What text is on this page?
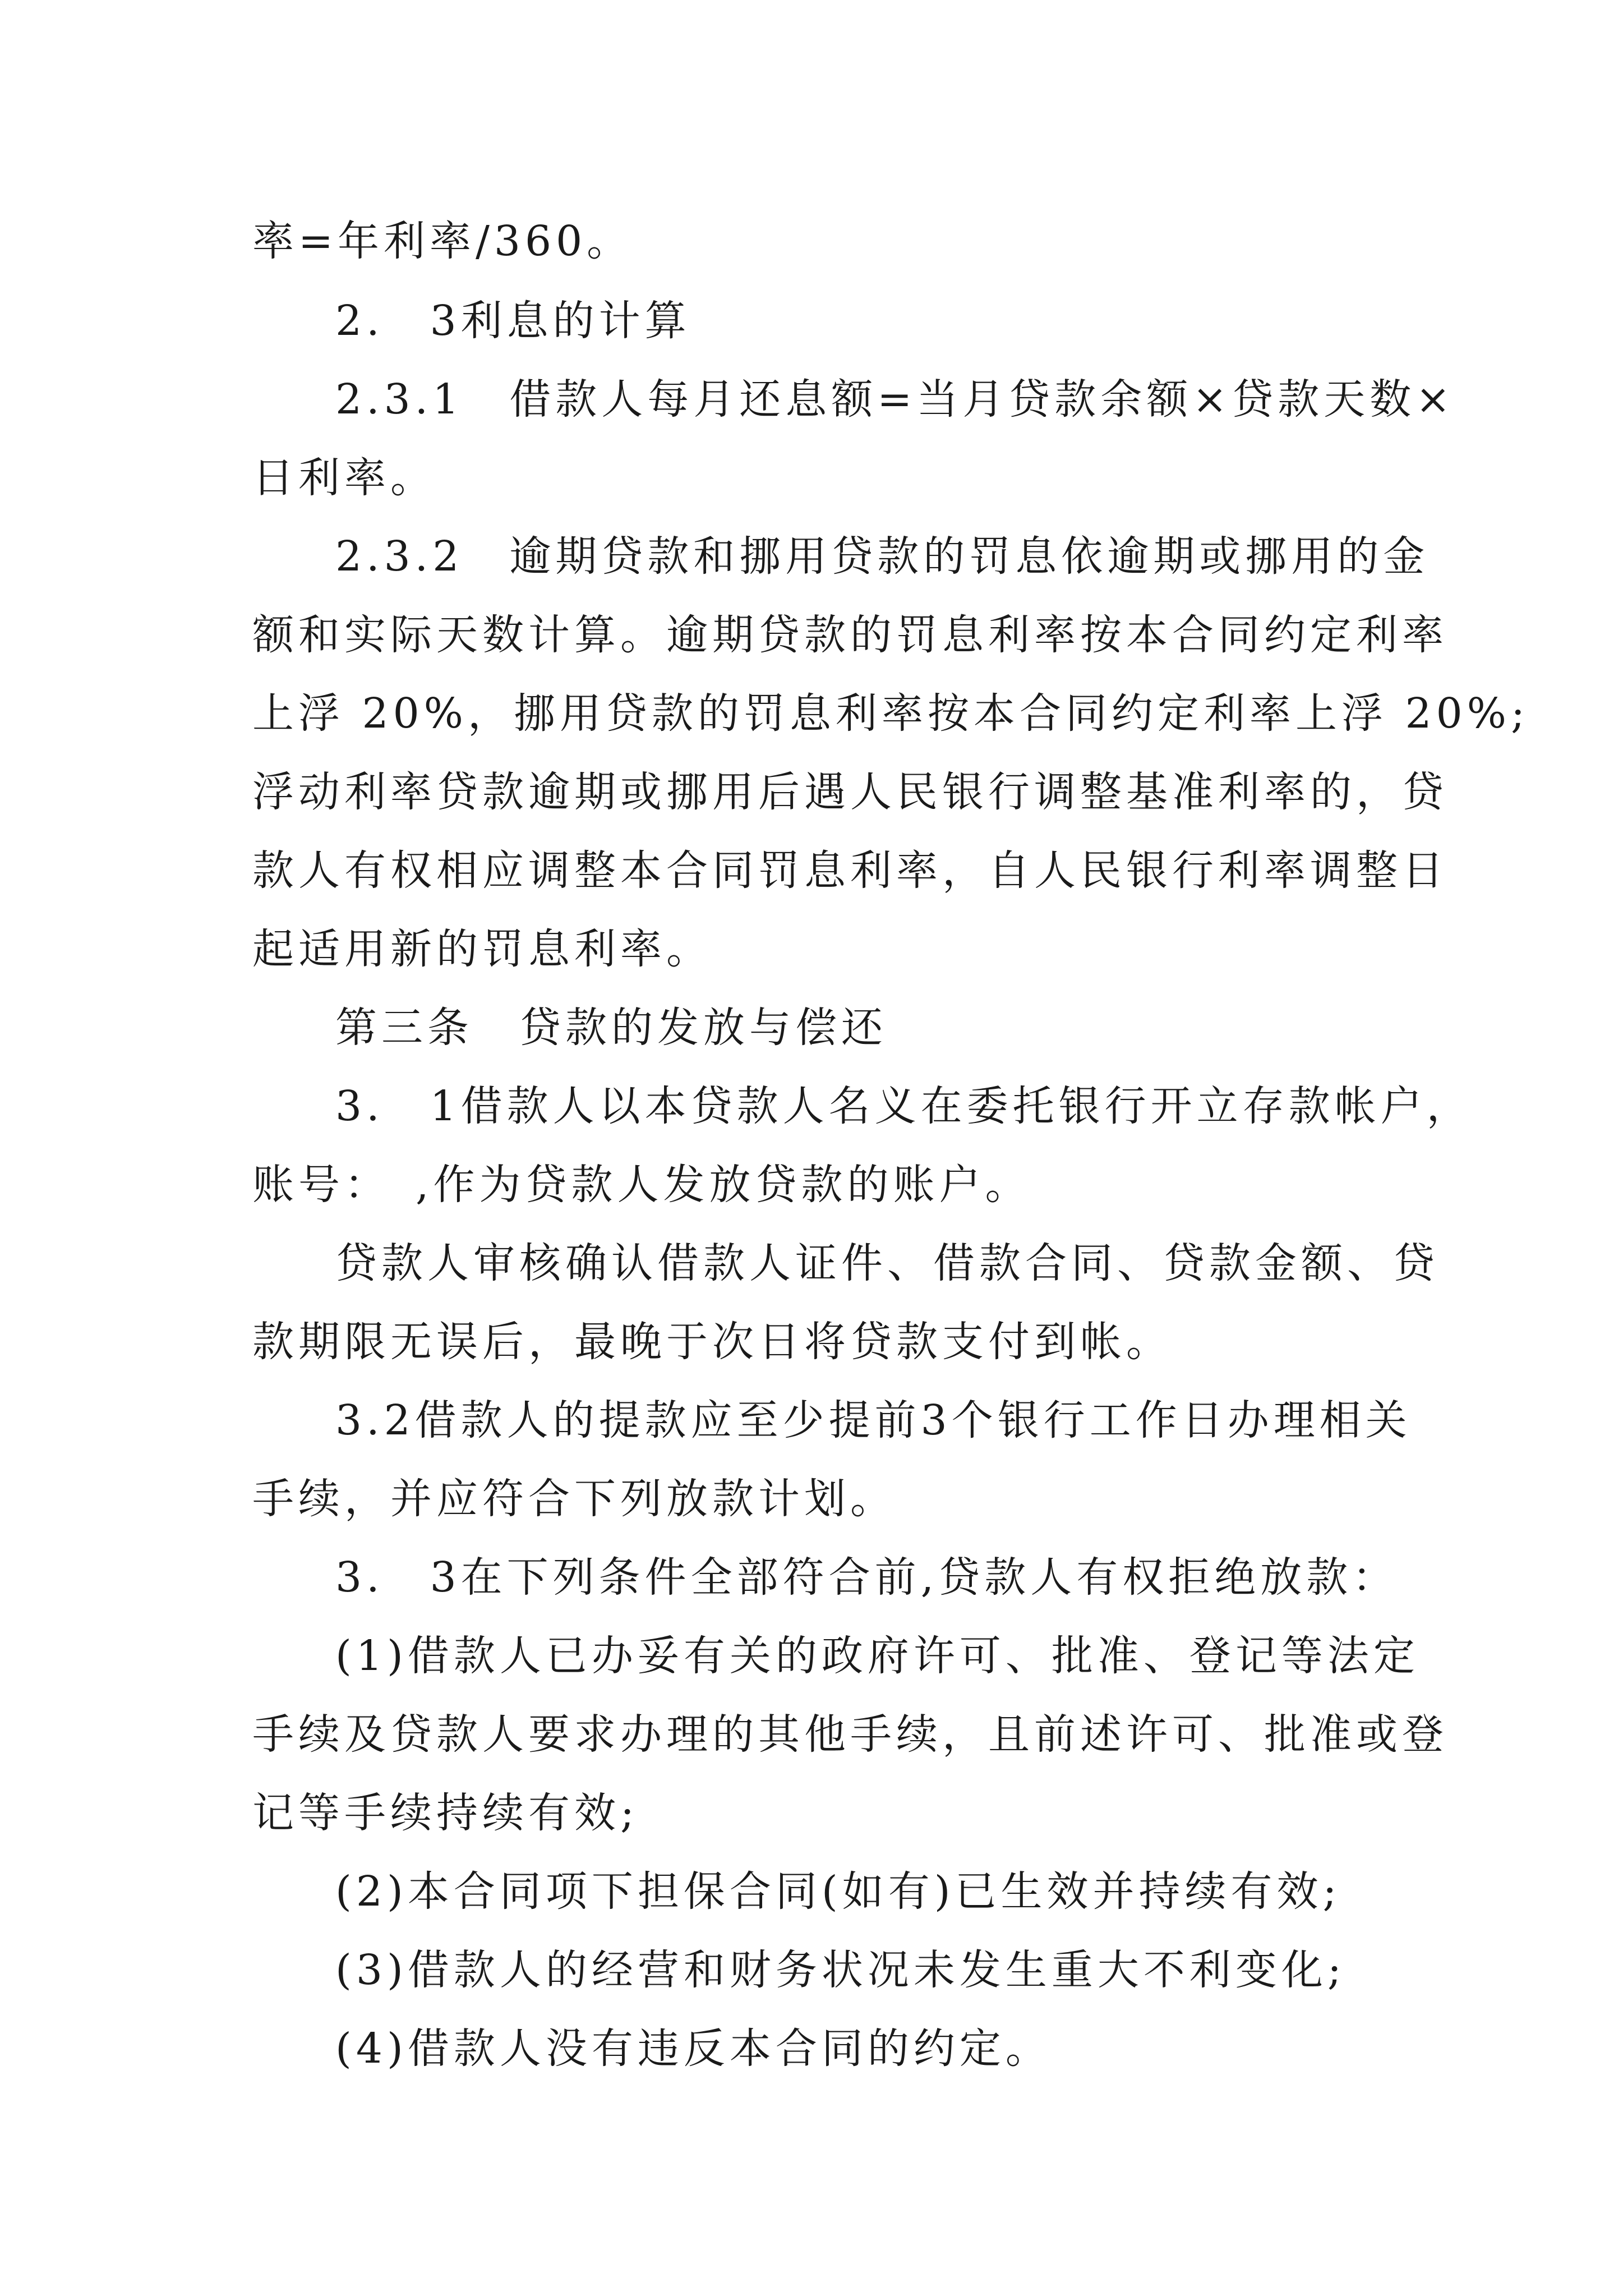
率=年利率/360。
2.　3利息的计算
2.3.1　借款人每月还息额=当月贷款余额×贷款天数×
日利率。
2.3.2　逾期贷款和挪用贷款的罚息依逾期或挪用的金
额和实际天数计算。逾期贷款的罚息利率按本合同约定利率
上浮 20%，挪用贷款的罚息利率按本合同约定利率上浮 20%;
浮动利率贷款逾期或挪用后遇人民银行调整基准利率的，贷
款人有权相应调整本合同罚息利率，自人民银行利率调整日
起适用新的罚息利率。
第三条　贷款的发放与偿还
3.　1借款人以本贷款人名义在委托银行开立存款帐户，
账号：　,作为贷款人发放贷款的账户。
贷款人审核确认借款人证件、借款合同、贷款金额、贷
款期限无误后，最晚于次日将贷款支付到帐。
3.2借款人的提款应至少提前3个银行工作日办理相关
手续，并应符合下列放款计划。
3.　3在下列条件全部符合前,贷款人有权拒绝放款：
(1)借款人已办妥有关的政府许可、批准、登记等法定
手续及贷款人要求办理的其他手续，且前述许可、批准或登
记等手续持续有效;
(2)本合同项下担保合同(如有)已生效并持续有效;
(3)借款人的经营和财务状况未发生重大不利变化;
(4)借款人没有违反本合同的约定。
